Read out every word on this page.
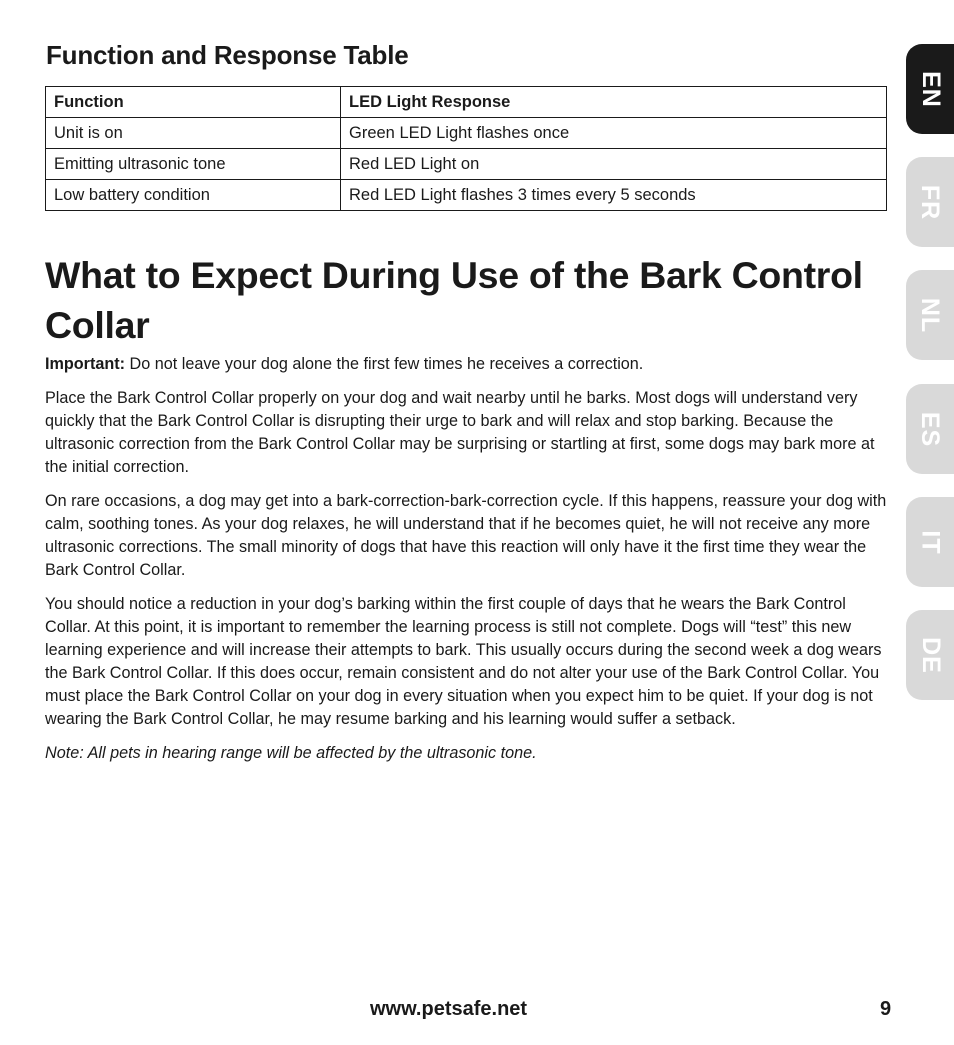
Function and Response Table
Function	LED Light Response
Unit is on	Green LED Light flashes once
Emitting ultrasonic tone	Red LED Light on
Low battery condition	Red LED Light flashes 3 times every 5 seconds
What to Expect During Use of the Bark Control Collar

Important: Do not leave your dog alone the first few times he receives a correction.

Place the Bark Control Collar properly on your dog and wait nearby until he barks. Most dogs will understand very quickly that the Bark Control Collar is disrupting their urge to bark and will relax and stop barking. Because the ultrasonic correction from the Bark Control Collar may be surprising or startling at first, some dogs may bark more at the initial correction.

On rare occasions, a dog may get into a bark-correction-bark-correction cycle. If this happens, reassure your dog with calm, soothing tones. As your dog relaxes, he will understand that if he becomes quiet, he will not receive any more ultrasonic corrections. The small minority of dogs that have this reaction will only have it the first time they wear the Bark Control Collar.

You should notice a reduction in your dog’s barking within the first couple of days that he wears the Bark Control Collar. At this point, it is important to remember the learning process is still not complete. Dogs will “test” this new learning experience and will increase their attempts to bark. This usually occurs during the second week a dog wears the Bark Control Collar. If this does occur, remain consistent and do not alter your use of the Bark Control Collar. You must place the Bark Control Collar on your dog in every situation when you expect him to be quiet. If your dog is not wearing the Bark Control Collar, he may resume barking and his learning would suffer a setback.

Note: All pets in hearing range will be affected by the ultrasonic tone.

EN
FR
NL
ES
IT
DE
www.petsafe.net	9
